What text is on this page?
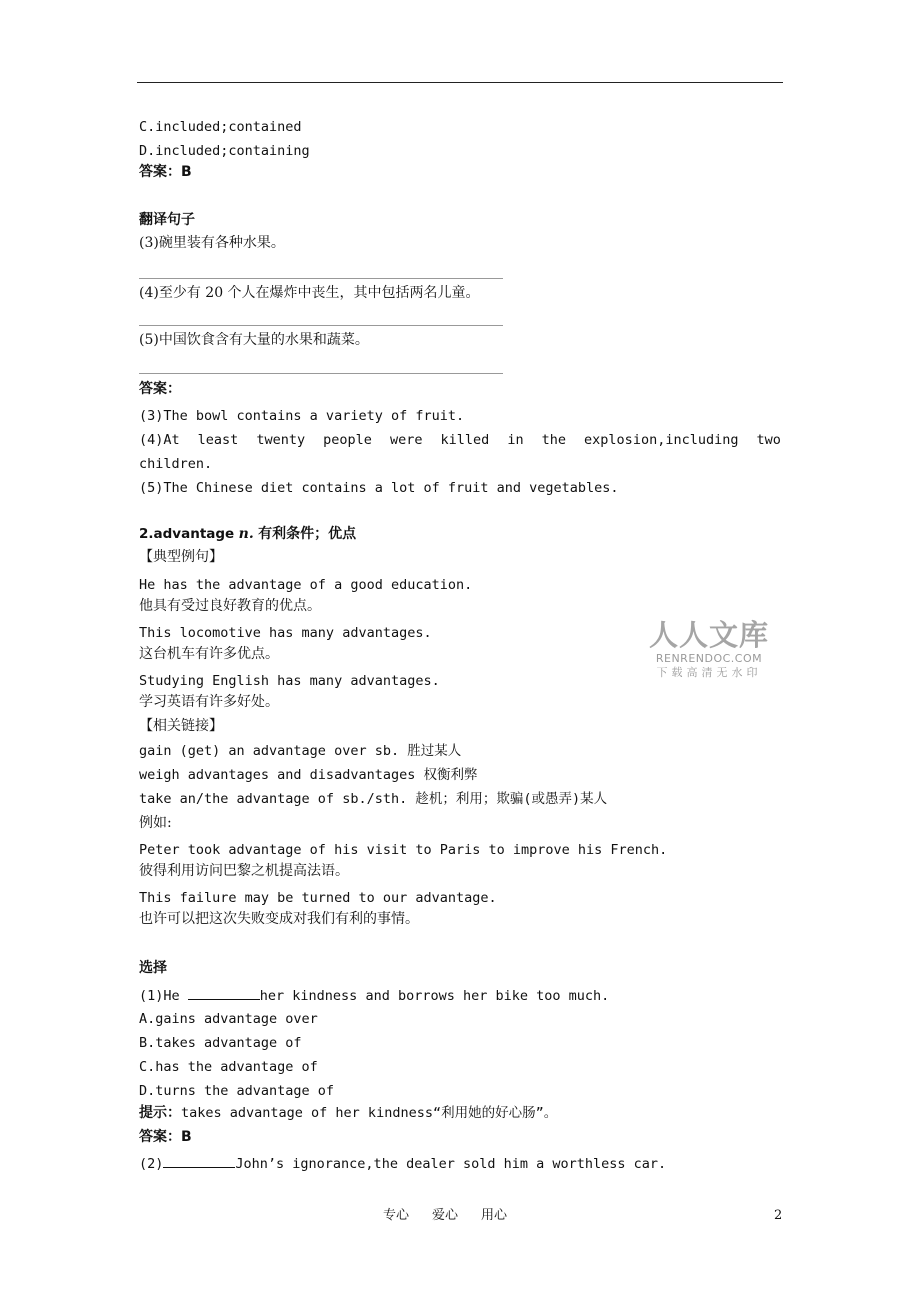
C.included;contained
D.included;containing
答案：B
翻译句子
(3)碗里装有各种水果。
(4)至少有 20 个人在爆炸中丧生，其中包括两名儿童。
(5)中国饮食含有大量的水果和蔬菜。
答案：
(3)The bowl contains a variety of fruit.
(4)At least twenty people were killed in the explosion,including two
children.
(5)The Chinese diet contains a lot of fruit and vegetables.
2.advantage n. 有利条件；优点
【典型例句】
He has the advantage of a good education.
他具有受过良好教育的优点。
This locomotive has many advantages.
这台机车有许多优点。
Studying English has many advantages.
学习英语有许多好处。
【相关链接】
gain (get) an advantage over sb. 胜过某人
weigh advantages and disadvantages 权衡利弊
take an/the advantage of sb./sth. 趁机；利用；欺骗(或愚弄)某人
例如:
Peter took advantage of his visit to Paris to improve his French.
彼得利用访问巴黎之机提高法语。
This failure may be turned to our advantage.
也许可以把这次失败变成对我们有利的事情。
选择
(1)He	her kindness and borrows her bike too much.
A.gains advantage over
B.takes advantage of
C.has the advantage of
D.turns the advantage of
提示：takes advantage of her kindness“利用她的好心肠”。
答案：B
(2)	John’s ignorance,the dealer sold him a worthless car.
人人文库
RENRENDOC.COM
下载高清无水印
专心 爱心 用心	2
